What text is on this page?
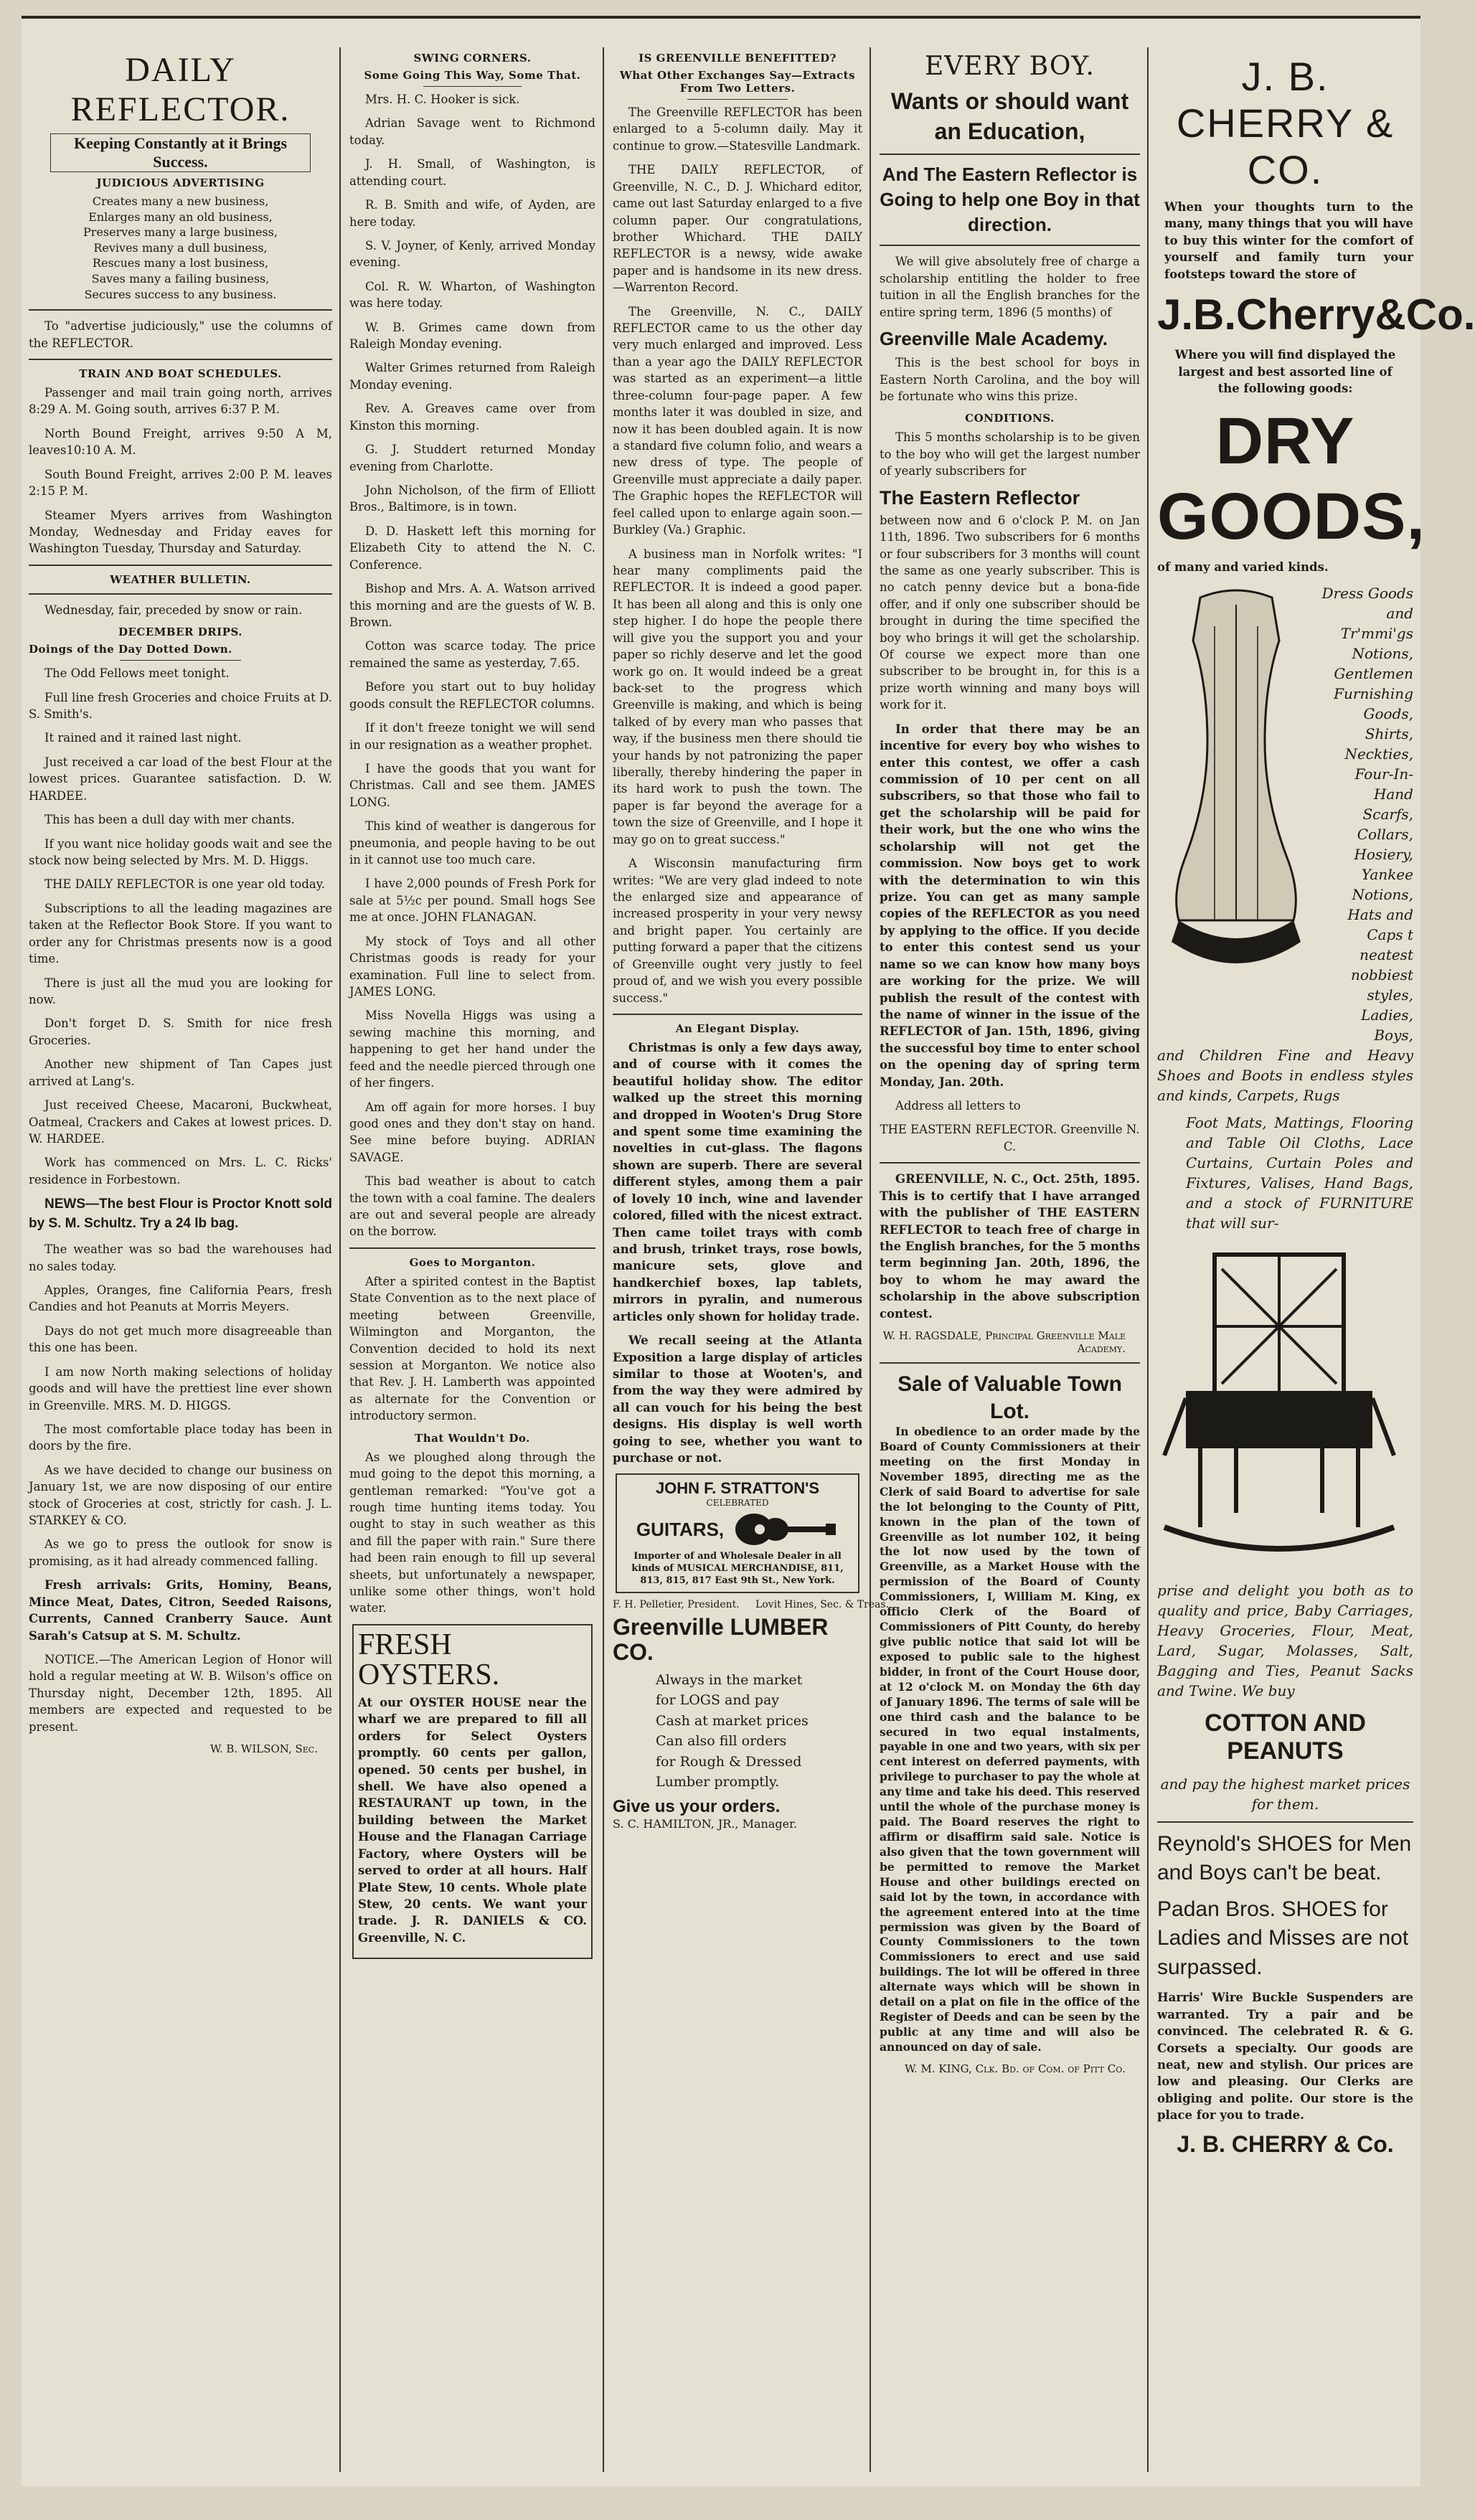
DAILY REFLECTOR.
Keeping Constantly at it Brings Success.
JUDICIOUS ADVERTISING
Creates many a new business,
Enlarges many an old business,
Preserves many a large business,
Revives many a dull business,
Rescues many a lost business,
Saves many a failing business,
Secures success to any business.

To "advertise judiciously," use the columns of the REFLECTOR.

TRAIN AND BOAT SCHEDULES.

Passenger and mail train going north, arrives 8:29 A. M. Going south, arrives 6:37 P. M.

North Bound Freight, arrives 9:50 A M, leaves10:10 A. M.

South Bound Freight, arrives 2:00 P. M. leaves 2:15 P. M.

Steamer Myers arrives from Washington Monday, Wednesday and Friday eaves for Washington Tuesday, Thursday and Saturday.

WEATHER BULLETIN.

Wednesday, fair, preceded by snow or rain.

DECEMBER DRIPS.
Doings of the Day Dotted Down.

The Odd Fellows meet tonight.

Full line fresh Groceries and choice Fruits at D. S. Smith's.

It rained and it rained last night.

Just received a car load of the best Flour at the lowest prices. Guarantee satisfaction. D. W. HARDEE.

This has been a dull day with mer chants.

If you want nice holiday goods wait and see the stock now being selected by Mrs. M. D. Higgs.

THE DAILY REFLECTOR is one year old today.

Subscriptions to all the leading magazines are taken at the Reflector Book Store. If you want to order any for Christmas presents now is a good time.

There is just all the mud you are looking for now.

Don't forget D. S. Smith for nice fresh Groceries.

Another new shipment of Tan Capes just arrived at Lang's.

Just received Cheese, Macaroni, Buckwheat, Oatmeal, Crackers and Cakes at lowest prices. D. W. HARDEE.

Work has commenced on Mrs. L. C. Ricks' residence in Forbestown.

NEWS—The best Flour is Proctor Knott sold by S. M. Schultz. Try a 24 lb bag.

The weather was so bad the warehouses had no sales today.

Apples, Oranges, fine California Pears, fresh Candies and hot Peanuts at Morris Meyers.

Days do not get much more disagreeable than this one has been.

I am now North making selections of holiday goods and will have the prettiest line ever shown in Greenville. MRS. M. D. HIGGS.

The most comfortable place today has been in doors by the fire.

As we have decided to change our business on January 1st, we are now disposing of our entire stock of Groceries at cost, strictly for cash. J. L. STARKEY & CO.

As we go to press the outlook for snow is promising, as it had already commenced falling.

Fresh arrivals: Grits, Hominy, Beans, Mince Meat, Dates, Citron, Seeded Raisons, Currents, Canned Cranberry Sauce. Aunt Sarah's Catsup at S. M. Schultz.

NOTICE.—The American Legion of Honor will hold a regular meeting at W. B. Wilson's office on Thursday night, December 12th, 1895. All members are expected and requested to be present.

W. B. WILSON, Sec.
SWING CORNERS.
Some Going This Way, Some That.

Mrs. H. C. Hooker is sick.

Adrian Savage went to Richmond today.

J. H. Small, of Washington, is attending court.

R. B. Smith and wife, of Ayden, are here today.

S. V. Joyner, of Kenly, arrived Monday evening.

Col. R. W. Wharton, of Washington was here today.

W. B. Grimes came down from Raleigh Monday evening.

Walter Grimes returned from Raleigh Monday evening.

Rev. A. Greaves came over from Kinston this morning.

G. J. Studdert returned Monday evening from Charlotte.

John Nicholson, of the firm of Elliott Bros., Baltimore, is in town.

D. D. Haskett left this morning for Elizabeth City to attend the N. C. Conference.

Bishop and Mrs. A. A. Watson arrived this morning and are the guests of W. B. Brown.

Cotton was scarce today. The price remained the same as yesterday, 7.65.

Before you start out to buy holiday goods consult the REFLECTOR columns.

If it don't freeze tonight we will send in our resignation as a weather prophet.

I have the goods that you want for Christmas. Call and see them. JAMES LONG.

This kind of weather is dangerous for pneumonia, and people having to be out in it cannot use too much care.

I have 2,000 pounds of Fresh Pork for sale at 5½c per pound. Small hogs See me at once. JOHN FLANAGAN.

My stock of Toys and all other Christmas goods is ready for your examination. Full line to select from. JAMES LONG.

Miss Novella Higgs was using a sewing machine this morning, and happening to get her hand under the feed and the needle pierced through one of her fingers.

Am off again for more horses. I buy good ones and they don't stay on hand. See mine before buying. ADRIAN SAVAGE.

This bad weather is about to catch the town with a coal famine. The dealers are out and several people are already on the borrow.

Goes to Morganton.

After a spirited contest in the Baptist State Convention as to the next place of meeting between Greenville, Wilmington and Morganton, the Convention decided to hold its next session at Morganton. We notice also that Rev. J. H. Lamberth was appointed as alternate for the Convention or introductory sermon.

That Wouldn't Do.

As we ploughed along through the mud going to the depot this morning, a gentleman remarked: "You've got a rough time hunting items today. You ought to stay in such weather as this and fill the paper with rain." Sure there had been rain enough to fill up several sheets, but unfortunately a newspaper, unlike some other things, won't hold water.

FRESH OYSTERS.

At our OYSTER HOUSE near the wharf we are prepared to fill all orders for Select Oysters promptly. 60 cents per gallon, opened. 50 cents per bushel, in shell. We have also opened a RESTAURANT up town, in the building between the Market House and the Flanagan Carriage Factory, where Oysters will be served to order at all hours. Half Plate Stew, 10 cents. Whole plate Stew, 20 cents. We want your trade. J. R. DANIELS & CO. Greenville, N. C.

IS GREENVILLE BENEFITTED?
What Other Exchanges Say—Extracts From Two Letters.

The Greenville REFLECTOR has been enlarged to a 5-column daily. May it continue to grow.—Statesville Landmark.

THE DAILY REFLECTOR, of Greenville, N. C., D. J. Whichard editor, came out last Saturday enlarged to a five column paper. Our congratulations, brother Whichard. THE DAILY REFLECTOR is a newsy, wide awake paper and is handsome in its new dress.—Warrenton Record.

The Greenville, N. C., DAILY REFLECTOR came to us the other day very much enlarged and improved. Less than a year ago the DAILY REFLECTOR was started as an experiment—a little three-column four-page paper. A few months later it was doubled in size, and now it has been doubled again. It is now a standard five column folio, and wears a new dress of type. The people of Greenville must appreciate a daily paper. The Graphic hopes the REFLECTOR will feel called upon to enlarge again soon.—Burkley (Va.) Graphic.

A business man in Norfolk writes: "I hear many compliments paid the REFLECTOR. It is indeed a good paper. It has been all along and this is only one step higher. I do hope the people there will give you the support you and your paper so richly deserve and let the good work go on. It would indeed be a great back-set to the progress which Greenville is making, and which is being talked of by every man who passes that way, if the business men there should tie your hands by not patronizing the paper liberally, thereby hindering the paper in its hard work to push the town. The paper is far beyond the average for a town the size of Greenville, and I hope it may go on to great success."

A Wisconsin manufacturing firm writes: "We are very glad indeed to note the enlarged size and appearance of increased prosperity in your very newsy and bright paper. You certainly are putting forward a paper that the citizens of Greenville ought very justly to feel proud of, and we wish you every possible success."

An Elegant Display.

Christmas is only a few days away, and of course with it comes the beautiful holiday show. The editor walked up the street this morning and dropped in Wooten's Drug Store and spent some time examining the novelties in cut-glass. The flagons shown are superb. There are several different styles, among them a pair of lovely 10 inch, wine and lavender colored, filled with the nicest extract. Then came toilet trays with comb and brush, trinket trays, rose bowls, manicure sets, glove and handkerchief boxes, lap tablets, mirrors in pyralin, and numerous articles only shown for holiday trade.

We recall seeing at the Atlanta Exposition a large display of articles similar to those at Wooten's, and from the way they were admired by all can vouch for his being the best designs. His display is well worth going to see, whether you want to purchase or not.

JOHN F. STRATTON'S
CELEBRATED
GUITARS,
Importer of and Wholesale Dealer in all kinds of MUSICAL MERCHANDISE, 811, 813, 815, 817 East 9th St., New York.
F. H. Pelletier, President.     Lovit Hines, Sec. & Treas.
Greenville LUMBER CO.
Always in the market
for LOGS and pay
Cash at market prices
Can also fill orders
for Rough & Dressed
Lumber promptly.
Give us your orders.
S. C. HAMILTON, JR., Manager.
EVERY BOY.
Wants or should want an Education,
And The Eastern Reflector is Going to help one Boy in that direction.

We will give absolutely free of charge a scholarship entitling the holder to free tuition in all the English branches for the entire spring term, 1896 (5 months) of

Greenville Male Academy.

This is the best school for boys in Eastern North Carolina, and the boy will be fortunate who wins this prize.

CONDITIONS.

This 5 months scholarship is to be given to the boy who will get the largest number of yearly subscribers for

The Eastern Reflector

between now and 6 o'clock P. M. on Jan 11th, 1896. Two subscribers for 6 months or four subscribers for 3 months will count the same as one yearly subscriber. This is no catch penny device but a bona-fide offer, and if only one subscriber should be brought in during the time specified the boy who brings it will get the scholarship. Of course we expect more than one subscriber to be brought in, for this is a prize worth winning and many boys will work for it.

In order that there may be an incentive for every boy who wishes to enter this contest, we offer a cash commission of 10 per cent on all subscribers, so that those who fail to get the scholarship will be paid for their work, but the one who wins the scholarship will not get the commission. Now boys get to work with the determination to win this prize. You can get as many sample copies of the REFLECTOR as you need by applying to the office. If you decide to enter this contest send us your name so we can know how many boys are working for the prize. We will publish the result of the contest with the name of winner in the issue of the REFLECTOR of Jan. 15th, 1896, giving the successful boy time to enter school on the opening day of spring term Monday, Jan. 20th.

Address all letters to

THE EASTERN REFLECTOR. Greenville N. C.

GREENVILLE, N. C., Oct. 25th, 1895. This is to certify that I have arranged with the publisher of THE EASTERN REFLECTOR to teach free of charge in the English branches, for the 5 months term beginning Jan. 20th, 1896, the boy to whom he may award the scholarship in the above subscription contest.

W. H. RAGSDALE, Principal Greenville Male Academy.
Sale of Valuable Town Lot.

In obedience to an order made by the Board of County Commissioners at their meeting on the first Monday in November 1895, directing me as the Clerk of said Board to advertise for sale the lot belonging to the County of Pitt, known in the plan of the town of Greenville as lot number 102, it being the lot now used by the town of Greenville, as a Market House with the permission of the Board of County Commissioners, I, William M. King, ex officio Clerk of the Board of Commissioners of Pitt County, do hereby give public notice that said lot will be exposed to public sale to the highest bidder, in front of the Court House door, at 12 o'clock M. on Monday the 6th day of January 1896. The terms of sale will be one third cash and the balance to be secured in two equal instalments, payable in one and two years, with six per cent interest on deferred payments, with privilege to purchaser to pay the whole at any time and take his deed. This reserved until the whole of the purchase money is paid. The Board reserves the right to affirm or disaffirm said sale. Notice is also given that the town government will be permitted to remove the Market House and other buildings erected on said lot by the town, in accordance with the agreement entered into at the time permission was given by the Board of County Commissioners to the town Commissioners to erect and use said buildings. The lot will be offered in three alternate ways which will be shown in detail on a plat on file in the office of the Register of Deeds and can be seen by the public at any time and will also be announced on day of sale.

W. M. KING, Clk. Bd. of Com. of Pitt Co.
J. B. CHERRY & CO.

When your thoughts turn to the many, many things that you will have to buy this winter for the comfort of yourself and family turn your footsteps toward the store of

J.B.Cherry&Co.

Where you will find displayed the largest and best assorted line of the following goods:

DRY GOODS,

of many and varied kinds.

Dress Goods and Tr'mmi'gs Notions, Gentlemen Furnishing Goods, Shirts, Neckties, Four-In-Hand Scarfs, Collars, Hosiery, Yankee Notions, Hats and Caps t neatest nobbiest styles, Ladies, Boys,

and Children Fine and Heavy Shoes and Boots in endless styles and kinds, Carpets, Rugs

Foot Mats, Mattings, Flooring and Table Oil Cloths, Lace Curtains, Curtain Poles and Fixtures, Valises, Hand Bags, and a stock of FURNITURE that will sur-

prise and delight you both as to quality and price, Baby Carriages, Heavy Groceries, Flour, Meat, Lard, Sugar, Molasses, Salt, Bagging and Ties, Peanut Sacks and Twine. We buy

COTTON AND PEANUTS

and pay the highest market prices for them.

Reynold's SHOES for Men and Boys can't be beat.
Padan Bros. SHOES for Ladies and Misses are not surpassed.

Harris' Wire Buckle Suspenders are warranted. Try a pair and be convinced. The celebrated R. & G. Corsets a specialty. Our goods are neat, new and stylish. Our prices are low and pleasing. Our Clerks are obliging and polite. Our store is the place for you to trade.

J. B. CHERRY & Co.
